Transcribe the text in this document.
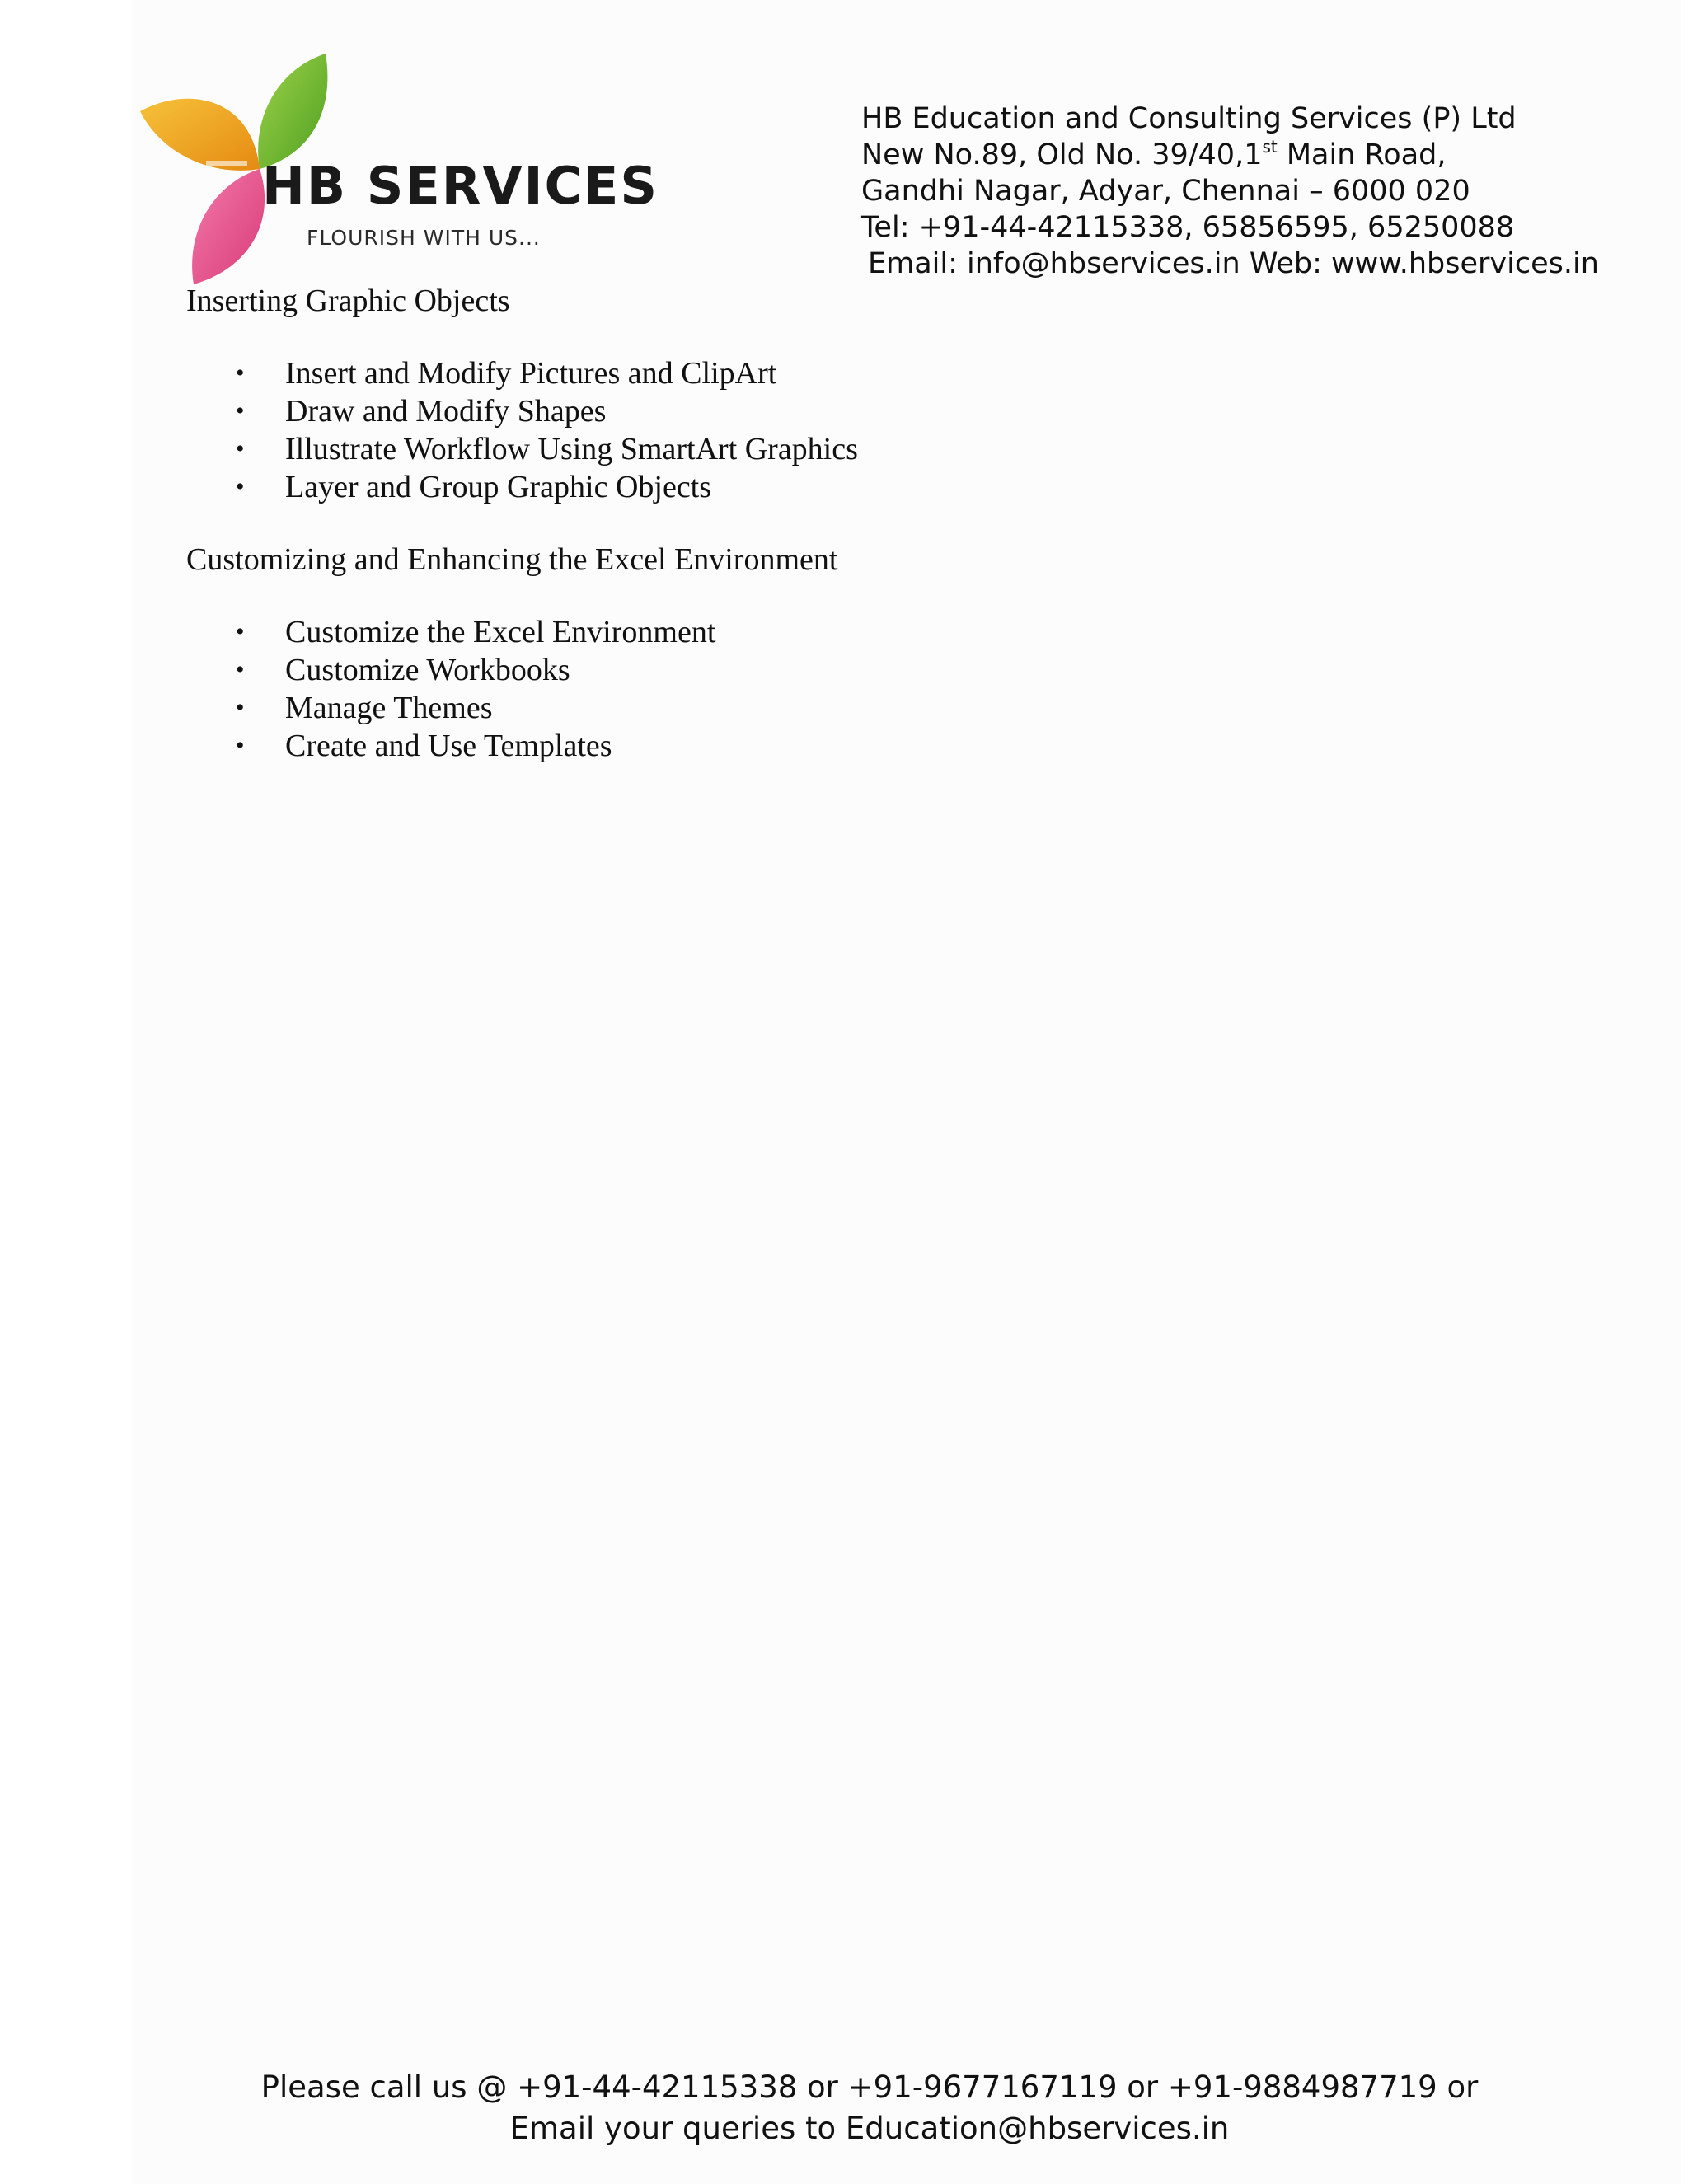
HB SERVICES
FLOURISH WITH US...
HB Education and Consulting Services (P) Ltd
New No.89, Old No. 39/40,1st Main Road,
Gandhi Nagar, Adyar, Chennai – 6000 020
Tel: +91-44-42115338, 65856595, 65250088
Email: info@hbservices.in Web: www.hbservices.in
Inserting Graphic Objects
• Insert and Modify Pictures and ClipArt
• Draw and Modify Shapes
• Illustrate Workflow Using SmartArt Graphics
• Layer and Group Graphic Objects
Customizing and Enhancing the Excel Environment
• Customize the Excel Environment
• Customize Workbooks
• Manage Themes
• Create and Use Templates
Please call us @ +91-44-42115338 or +91-9677167119 or +91-9884987719 or
Email your queries to Education@hbservices.in
